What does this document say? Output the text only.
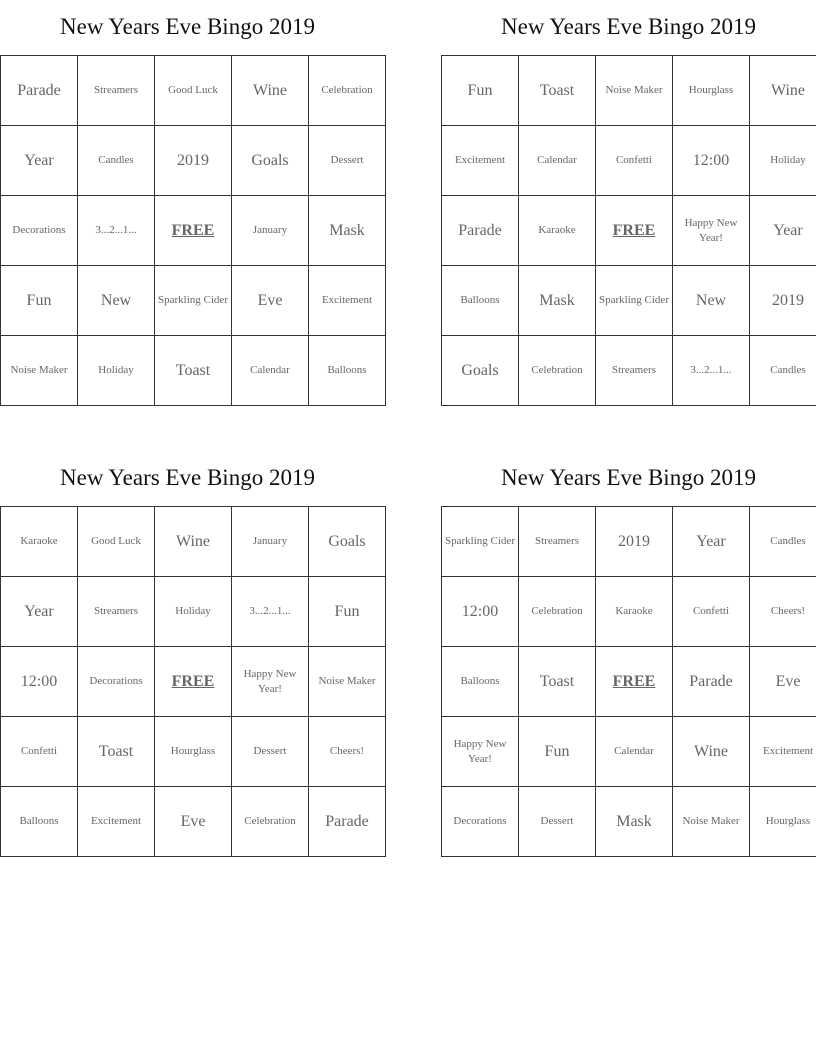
New Years Eve Bingo 2019
Parade	Streamers	Good Luck	Wine	Celebration
Year	Candles	2019	Goals	Dessert
Decorations	3...2...1...	FREE	January	Mask
Fun	New	Sparkling Cider	Eve	Excitement
Noise Maker	Holiday	Toast	Calendar	Balloons
New Years Eve Bingo 2019
Fun	Toast	Noise Maker	Hourglass	Wine
Excitement	Calendar	Confetti	12:00	Holiday
Parade	Karaoke	FREE	Happy New Year!	Year
Balloons	Mask	Sparkling Cider	New	2019
Goals	Celebration	Streamers	3...2...1...	Candles
New Years Eve Bingo 2019
Karaoke	Good Luck	Wine	January	Goals
Year	Streamers	Holiday	3...2...1...	Fun
12:00	Decorations	FREE	Happy New Year!	Noise Maker
Confetti	Toast	Hourglass	Dessert	Cheers!
Balloons	Excitement	Eve	Celebration	Parade
New Years Eve Bingo 2019
Sparkling Cider	Streamers	2019	Year	Candles
12:00	Celebration	Karaoke	Confetti	Cheers!
Balloons	Toast	FREE	Parade	Eve
Happy New Year!	Fun	Calendar	Wine	Excitement
Decorations	Dessert	Mask	Noise Maker	Hourglass
